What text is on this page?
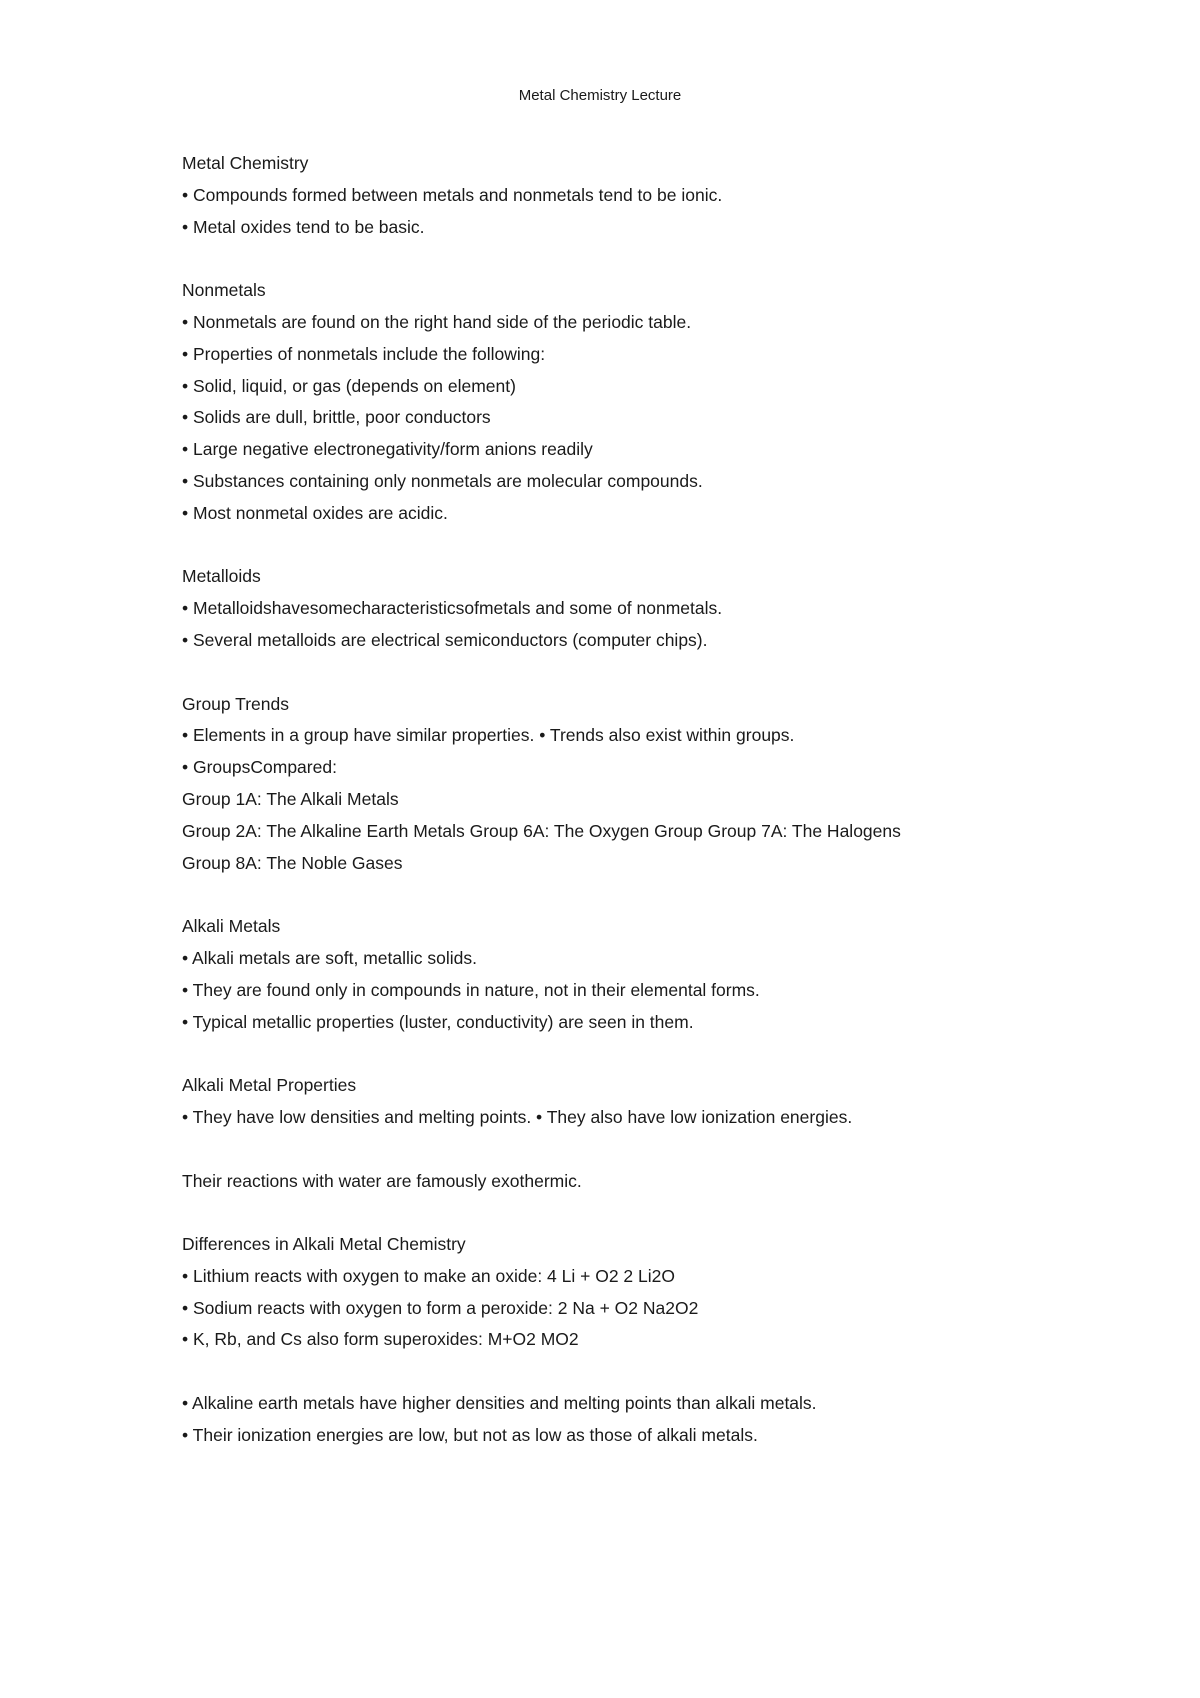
Metal Chemistry Lecture
Metal Chemistry
• Compounds formed between metals and nonmetals tend to be ionic.
• Metal oxides tend to be basic.
Nonmetals
• Nonmetals are found on the right hand side of the periodic table.
• Properties of nonmetals include the following:
• Solid, liquid, or gas (depends on element)
• Solids are dull, brittle, poor conductors
• Large negative electronegativity/form anions readily
• Substances containing only nonmetals are molecular compounds.
• Most nonmetal oxides are acidic.
Metalloids
• Metalloidshavesomecharacteristicsofmetals and some of nonmetals.
• Several metalloids are electrical semiconductors (computer chips).
Group Trends
• Elements in a group have similar properties. • Trends also exist within groups.
• GroupsCompared:
Group 1A: The Alkali Metals
Group 2A: The Alkaline Earth Metals Group 6A: The Oxygen Group Group 7A: The Halogens
Group 8A: The Noble Gases
Alkali Metals
• Alkali metals are soft, metallic solids.
• They are found only in compounds in nature, not in their elemental forms.
• Typical metallic properties (luster, conductivity) are seen in them.
Alkali Metal Properties
• They have low densities and melting points. • They also have low ionization energies.
Their reactions with water are famously exothermic.
Differences in Alkali Metal Chemistry
• Lithium reacts with oxygen to make an oxide: 4 Li + O2 2 Li2O
• Sodium reacts with oxygen to form a peroxide: 2 Na + O2 Na2O2
• K, Rb, and Cs also form superoxides: M+O2 MO2
• Alkaline earth metals have higher densities and melting points than alkali metals.
• Their ionization energies are low, but not as low as those of alkali metals.
